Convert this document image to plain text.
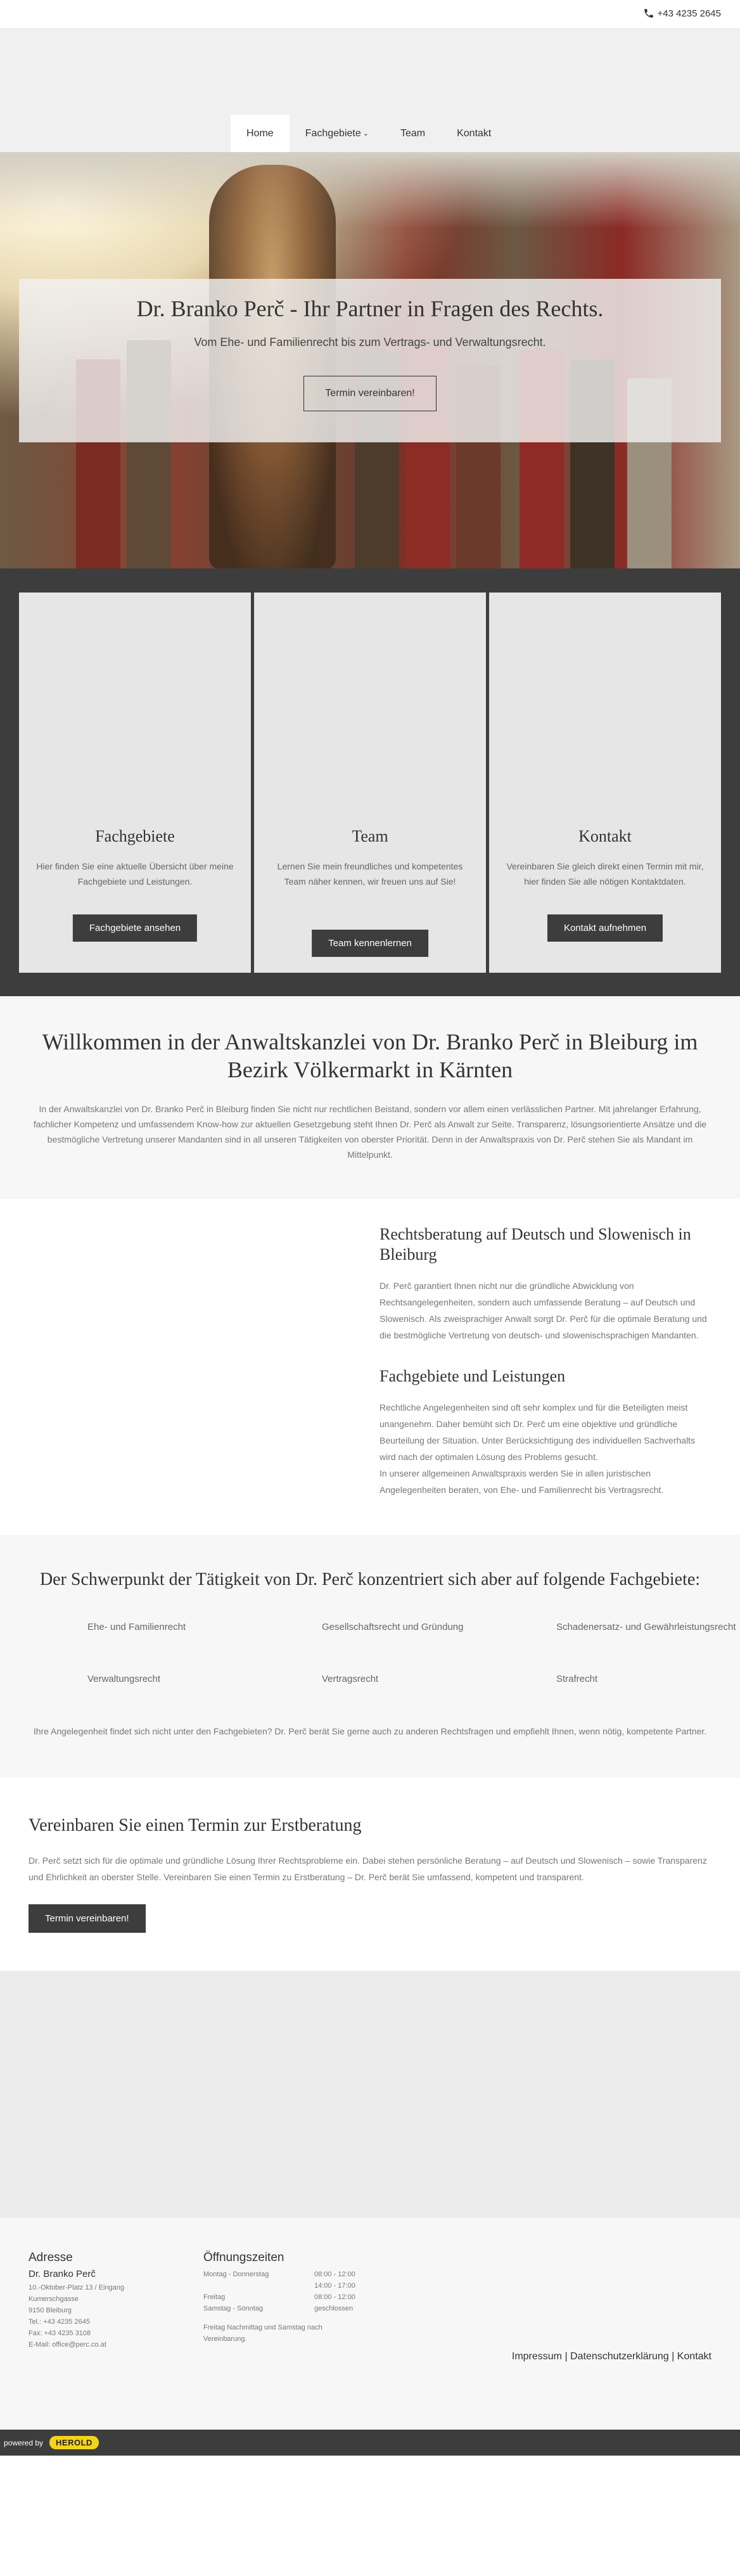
+43 4235 2645
Home	Fachgebiete ⌄	Team	Kontakt
Dr. Branko Perč - Ihr Partner in Fragen des Rechts.
Vom Ehe- und Familienrecht bis zum Vertrags- und Verwaltungsrecht.
Termin vereinbaren!
Fachgebiete
Hier finden Sie eine aktuelle Übersicht über meine Fachgebiete und Leistungen.
Fachgebiete ansehen
Team
Lernen Sie mein freundliches und kompetentes Team näher kennen, wir freuen uns auf Sie!
Team kennenlernen
Kontakt
Vereinbaren Sie gleich direkt einen Termin mit mir, hier finden Sie alle nötigen Kontaktdaten.
Kontakt aufnehmen
Willkommen in der Anwaltskanzlei von Dr. Branko Perč in Bleiburg im Bezirk Völkermarkt in Kärnten

In der Anwaltskanzlei von Dr. Branko Perč in Bleiburg finden Sie nicht nur rechtlichen Beistand, sondern vor allem einen verlässlichen Partner. Mit jahrelanger Erfahrung, fachlicher Kompetenz und umfassendem Know-how zur aktuellen Gesetzgebung steht Ihnen Dr. Perč als Anwalt zur Seite. Transparenz, lösungsorientierte Ansätze und die bestmögliche Vertretung unserer Mandanten sind in all unseren Tätigkeiten von oberster Priorität. Denn in der Anwaltspraxis von Dr. Perč stehen Sie als Mandant im Mittelpunkt.

Rechtsberatung auf Deutsch und Slowenisch in Bleiburg

Dr. Perč garantiert Ihnen nicht nur die gründliche Abwicklung von Rechtsangelegenheiten, sondern auch umfassende Beratung – auf Deutsch und Slowenisch. Als zweisprachiger Anwalt sorgt Dr. Perč für die optimale Beratung und die bestmögliche Vertretung von deutsch- und slowenischsprachigen Mandanten.

Fachgebiete und Leistungen

Rechtliche Angelegenheiten sind oft sehr komplex und für die Beteiligten meist unangenehm. Daher bemüht sich Dr. Perč um eine objektive und gründliche Beurteilung der Situation. Unter Berücksichtigung des individuellen Sachverhalts wird nach der optimalen Lösung des Problems gesucht.
In unserer allgemeinen Anwaltspraxis werden Sie in allen juristischen Angelegenheiten beraten, von Ehe- und Familienrecht bis Vertragsrecht.

Der Schwerpunkt der Tätigkeit von Dr. Perč konzentriert sich aber auf folgende Fachgebiete:
Ehe- und Familienrecht	Gesellschaftsrecht und Gründung	Schadenersatz- und Gewährleistungsrecht
Verwaltungsrecht	Vertragsrecht	Strafrecht

Ihre Angelegenheit findet sich nicht unter den Fachgebieten? Dr. Perč berät Sie gerne auch zu anderen Rechtsfragen und empfiehlt Ihnen, wenn nötig, kompetente Partner.

Vereinbaren Sie einen Termin zur Erstberatung

Dr. Perč setzt sich für die optimale und gründliche Lösung Ihrer Rechtsprobleme ein. Dabei stehen persönliche Beratung – auf Deutsch und Slowenisch – sowie Transparenz und Ehrlichkeit an oberster Stelle. Vereinbaren Sie einen Termin zu Erstberatung – Dr. Perč berät Sie umfassend, kompetent und transparent.

Termin vereinbaren!
Adresse
Dr. Branko Perč
10.-Oktober-Platz 13 / Eingang Kumerschgasse
9150 Bleiburg
Tel.: +43 4235 2645
Fax: +43 4235 3108
E-Mail: office@perc.co.at
Öffnungszeiten
Montag - Donnerstag	08:00 - 12:00
14:00 - 17:00
Freitag	08:00 - 12:00
Samstag - Sonntag	geschlossen
Freitag Nachmittag und Samstag nach Vereinbarung.
Impressum | Datenschutzerklärung | Kontakt
powered by	HEROLD
